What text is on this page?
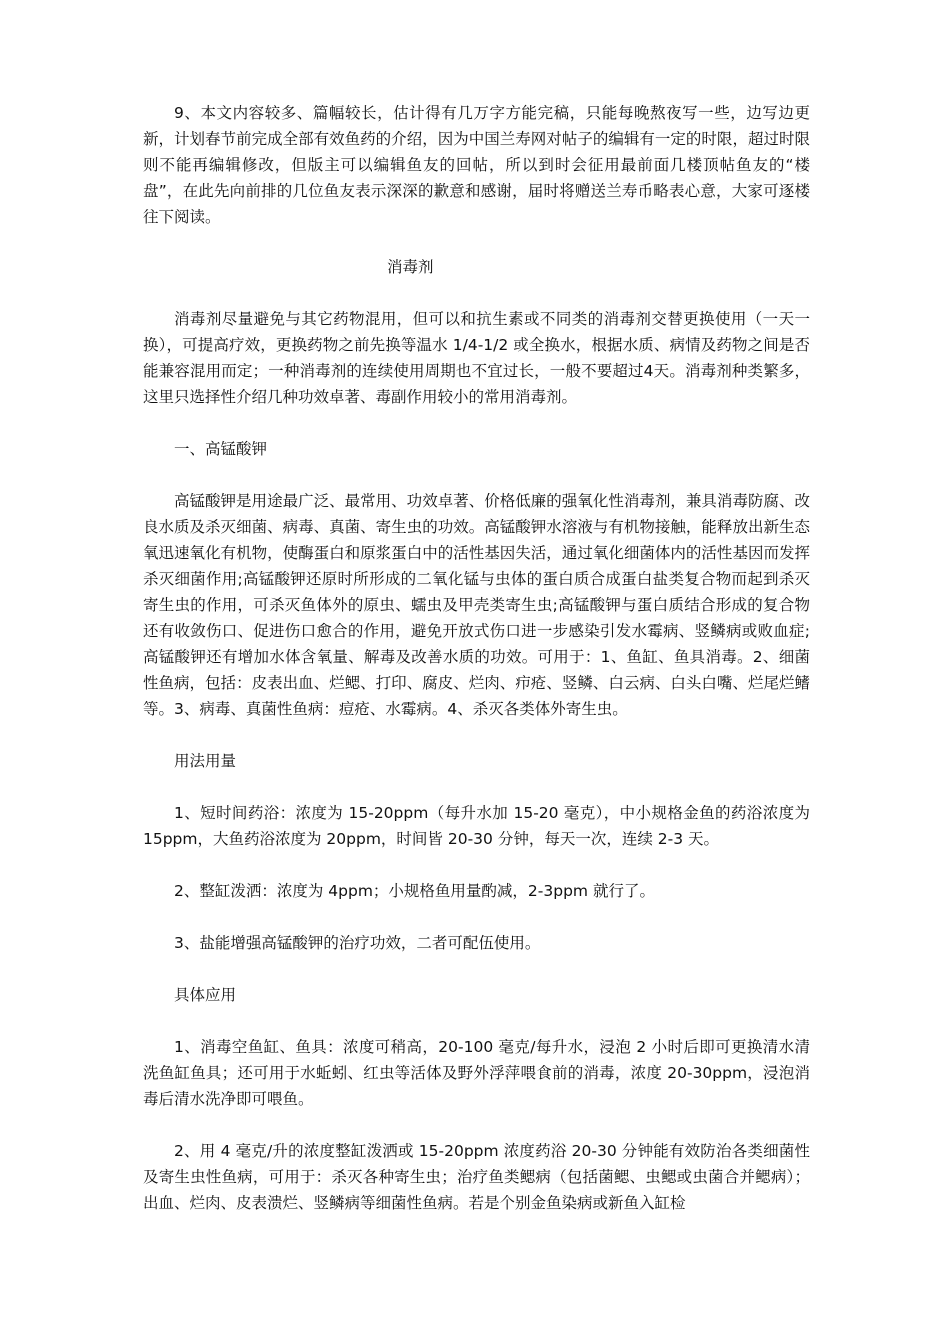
9、本文内容较多、篇幅较长，估计得有几万字方能完稿，只能每晚熬夜写一些，边写边更新，计划春节前完成全部有效鱼药的介绍，因为中国兰寿网对帖子的编辑有一定的时限，超过时限则不能再编辑修改，但版主可以编辑鱼友的回帖，所以到时会征用最前面几楼顶帖鱼友的“楼盘”，在此先向前排的几位鱼友表示深深的歉意和感谢，届时将赠送兰寿币略表心意，大家可逐楼往下阅读。

消毒剂

消毒剂尽量避免与其它药物混用，但可以和抗生素或不同类的消毒剂交替更换使用（一天一换），可提高疗效，更换药物之前先换等温水 1/4-1/2 或全换水，根据水质、病情及药物之间是否能兼容混用而定；一种消毒剂的连续使用周期也不宜过长，一般不要超过4天。消毒剂种类繁多，这里只选择性介绍几种功效卓著、毒副作用较小的常用消毒剂。

一、高锰酸钾

高锰酸钾是用途最广泛、最常用、功效卓著、价格低廉的强氧化性消毒剂，兼具消毒防腐、改良水质及杀灭细菌、病毒、真菌、寄生虫的功效。高锰酸钾水溶液与有机物接触，能释放出新生态氧迅速氧化有机物，使酶蛋白和原浆蛋白中的活性基因失活，通过氧化细菌体内的活性基因而发挥杀灭细菌作用;高锰酸钾还原时所形成的二氧化锰与虫体的蛋白质合成蛋白盐类复合物而起到杀灭寄生虫的作用，可杀灭鱼体外的原虫、蠕虫及甲壳类寄生虫;高锰酸钾与蛋白质结合形成的复合物还有收敛伤口、促进伤口愈合的作用，避免开放式伤口进一步感染引发水霉病、竖鳞病或败血症;高锰酸钾还有增加水体含氧量、解毒及改善水质的功效。可用于：1、鱼缸、鱼具消毒。2、细菌性鱼病，包括：皮表出血、烂鳃、打印、腐皮、烂肉、疖疮、竖鳞、白云病、白头白嘴、烂尾烂鳍等。3、病毒、真菌性鱼病：痘疮、水霉病。4、杀灭各类体外寄生虫。

用法用量

1、短时间药浴：浓度为 15-20ppm（每升水加 15-20 毫克），中小规格金鱼的药浴浓度为 15ppm，大鱼药浴浓度为 20ppm，时间皆 20-30 分钟，每天一次，连续 2-3 天。

2、整缸泼洒：浓度为 4ppm；小规格鱼用量酌减，2-3ppm 就行了。

3、盐能增强高锰酸钾的治疗功效，二者可配伍使用。

具体应用

1、消毒空鱼缸、鱼具：浓度可稍高，20-100 毫克/每升水，浸泡 2 小时后即可更换清水清洗鱼缸鱼具；还可用于水蚯蚓、红虫等活体及野外浮萍喂食前的消毒，浓度 20-30ppm，浸泡消毒后清水洗净即可喂鱼。

2、用 4 毫克/升的浓度整缸泼洒或 15-20ppm 浓度药浴 20-30 分钟能有效防治各类细菌性及寄生虫性鱼病，可用于：杀灭各种寄生虫；治疗鱼类鳃病（包括菌鳃、虫鳃或虫菌合并鳃病）；出血、烂肉、皮表溃烂、竖鳞病等细菌性鱼病。若是个别金鱼染病或新鱼入缸检
